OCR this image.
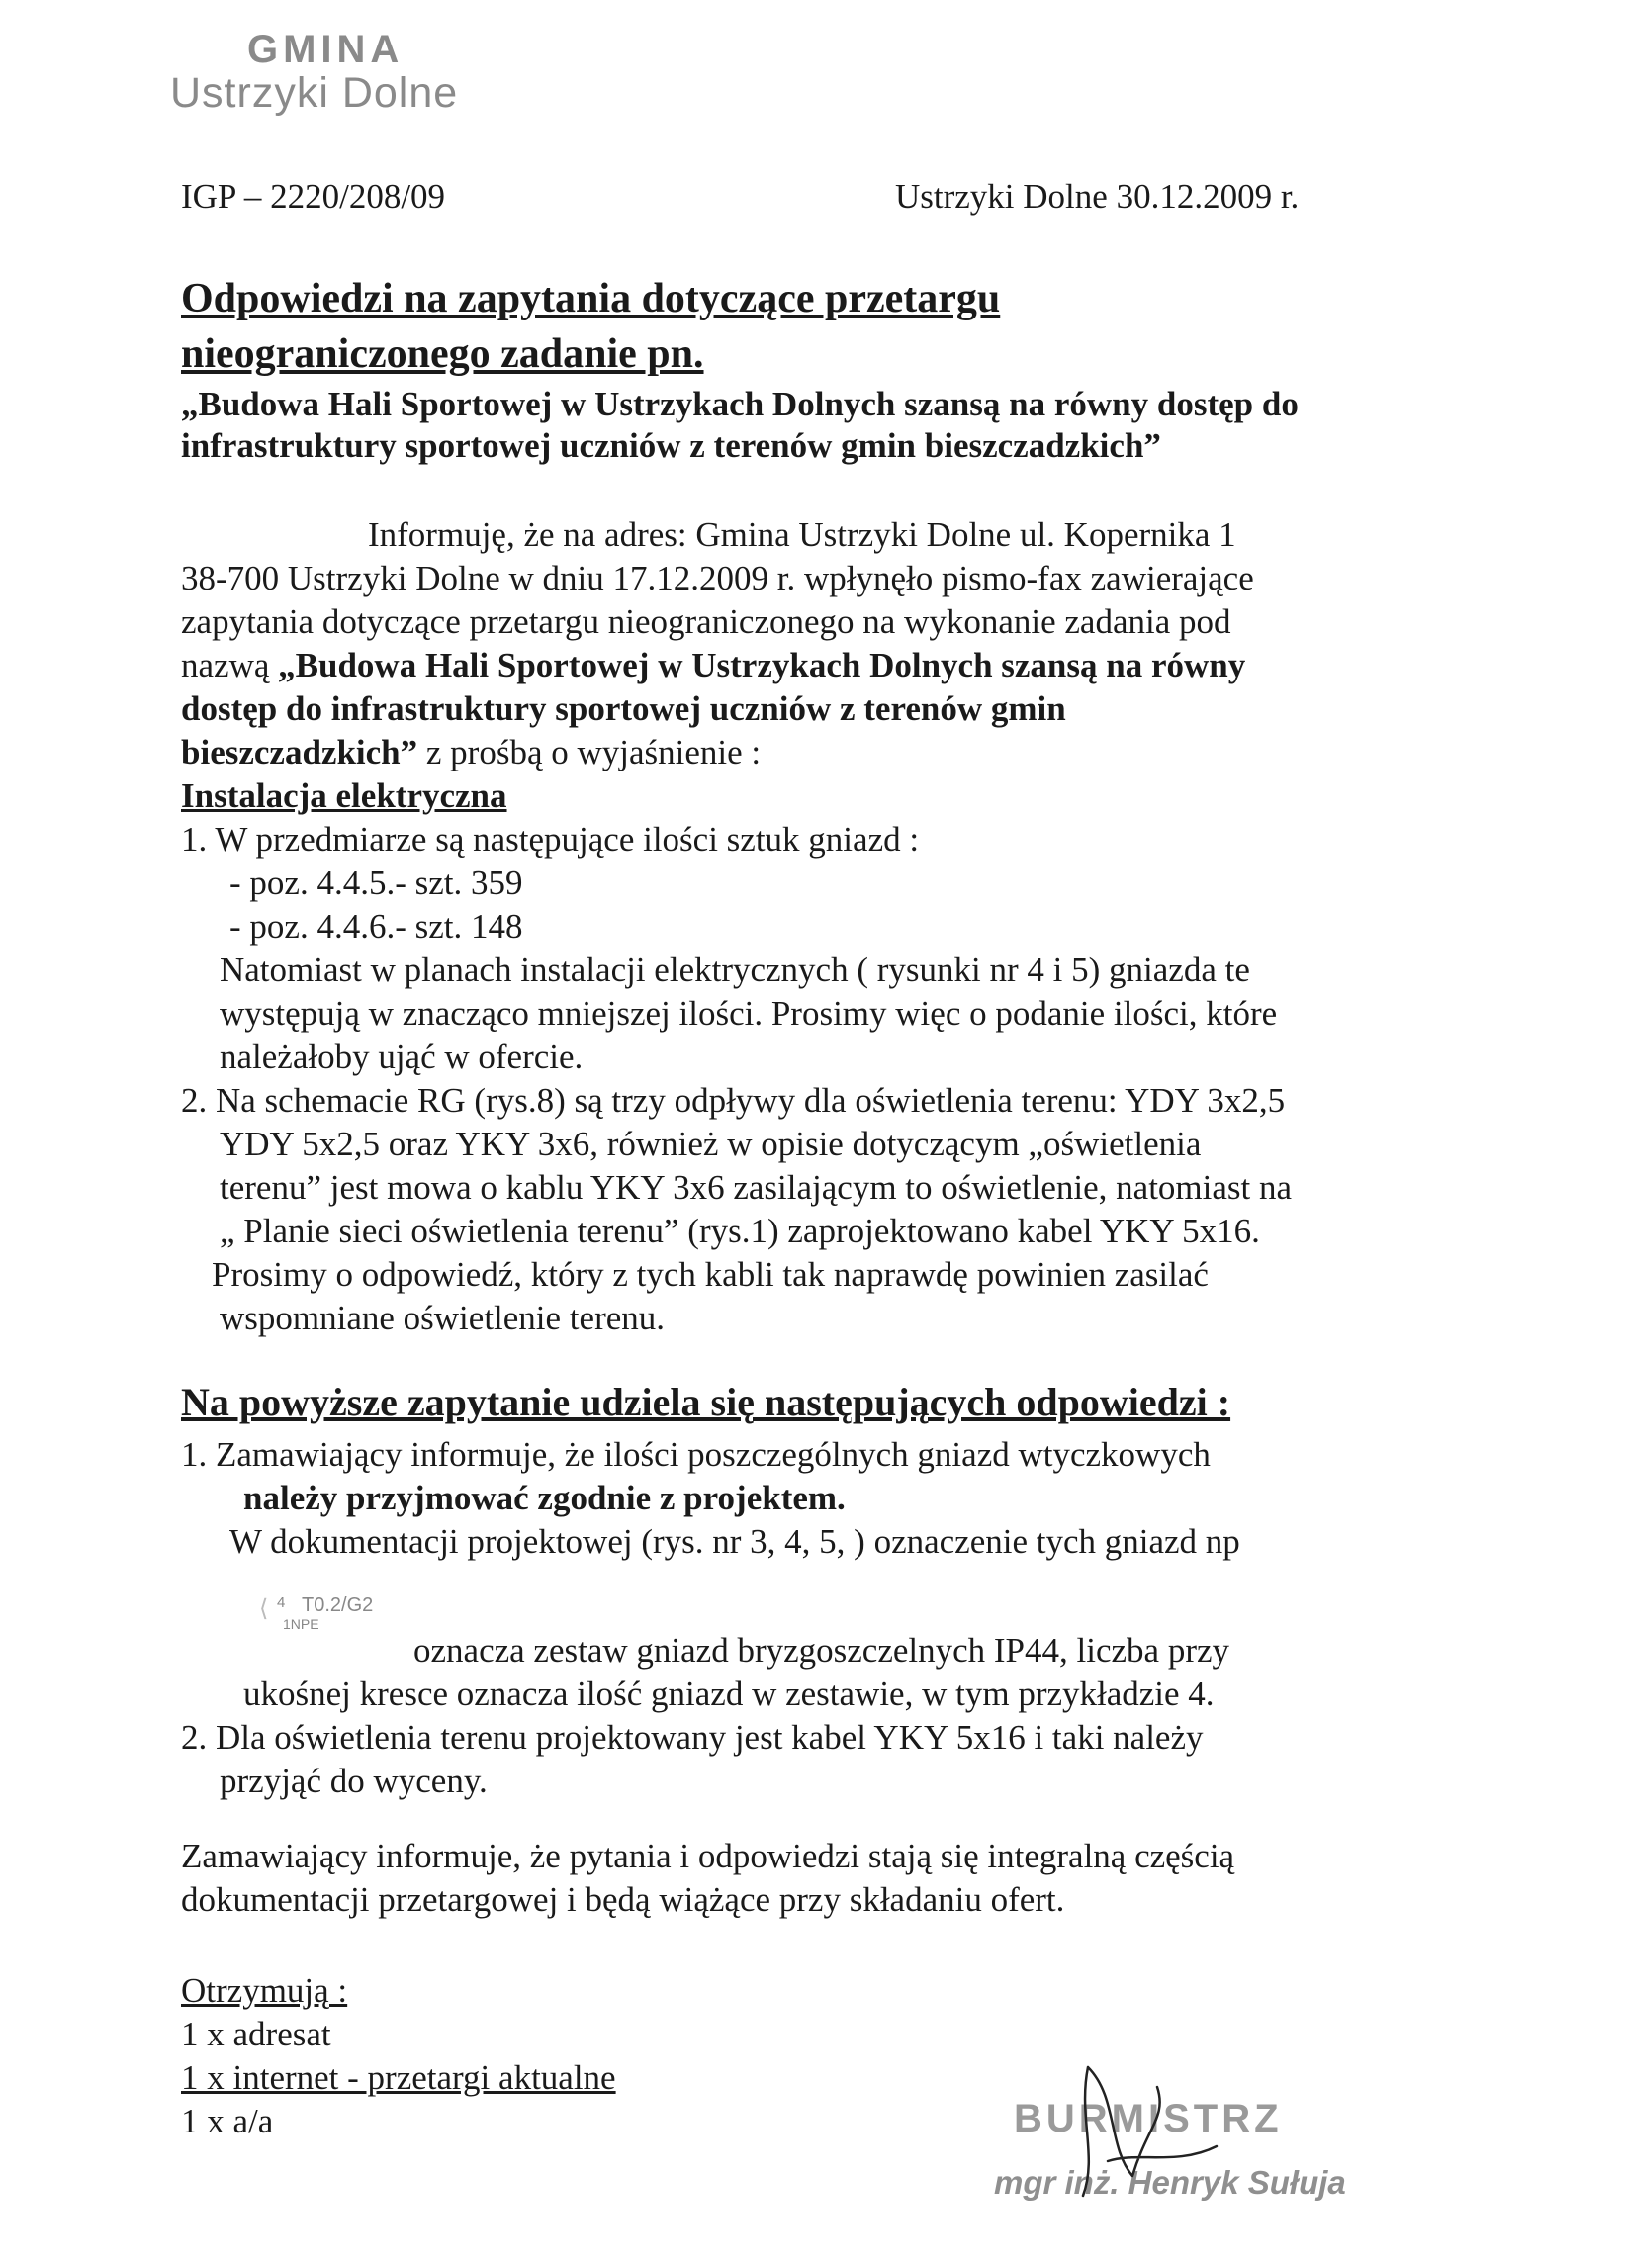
GMINA
Ustrzyki Dolne
IGP – 2220/208/09	Ustrzyki Dolne 30.12.2009 r.
Odpowiedzi na zapytania dotyczące przetargu
nieograniczonego zadanie pn.
„Budowa Hali Sportowej w Ustrzykach Dolnych szansą na równy dostęp do
infrastruktury sportowej uczniów z terenów gmin bieszczadzkich”
Informuję, że na adres: Gmina Ustrzyki Dolne ul. Kopernika 1
38-700 Ustrzyki Dolne w dniu 17.12.2009 r. wpłynęło pismo-fax zawierające
zapytania dotyczące przetargu nieograniczonego na wykonanie zadania pod
nazwą „Budowa Hali Sportowej w Ustrzykach Dolnych szansą na równy
dostęp do infrastruktury sportowej uczniów z terenów gmin
bieszczadzkich” z prośbą o wyjaśnienie :
Instalacja elektryczna
1. W przedmiarze są następujące ilości sztuk gniazd :
- poz. 4.4.5.- szt. 359
- poz. 4.4.6.- szt. 148
Natomiast w planach instalacji elektrycznych ( rysunki nr 4 i 5) gniazda te
występują w znacząco mniejszej ilości. Prosimy więc o podanie ilości, które
należałoby ująć w ofercie.
2. Na schemacie RG (rys.8) są trzy odpływy dla oświetlenia terenu: YDY 3x2,5
YDY 5x2,5 oraz YKY 3x6, również w opisie dotyczącym „oświetlenia
terenu” jest mowa o kablu YKY 3x6 zasilającym to oświetlenie, natomiast na
„ Planie sieci oświetlenia terenu” (rys.1) zaprojektowano kabel YKY 5x16.
Prosimy o odpowiedź, który z tych kabli tak naprawdę powinien zasilać
wspomniane oświetlenie terenu.
Na powyższe zapytanie udziela się następujących odpowiedzi :
1. Zamawiający informuje, że ilości poszczególnych gniazd wtyczkowych
należy przyjmować zgodnie z projektem.
W dokumentacji projektowej (rys. nr 3, 4, 5, ) oznaczenie tych gniazd np
⟨ 4 T0.2/G2
1NPE
oznacza zestaw gniazd bryzgoszczelnych IP44, liczba przy
ukośnej kresce oznacza ilość gniazd w zestawie, w tym przykładzie 4.
2. Dla oświetlenia terenu projektowany jest kabel YKY 5x16 i taki należy
przyjąć do wyceny.
Zamawiający informuje, że pytania i odpowiedzi stają się integralną częścią
dokumentacji przetargowej i będą wiążące przy składaniu ofert.
Otrzymują :
1 x adresat
1 x internet - przetargi aktualne
1 x a/a	BURMISTRZ
mgr inż. Henryk Sułuja
